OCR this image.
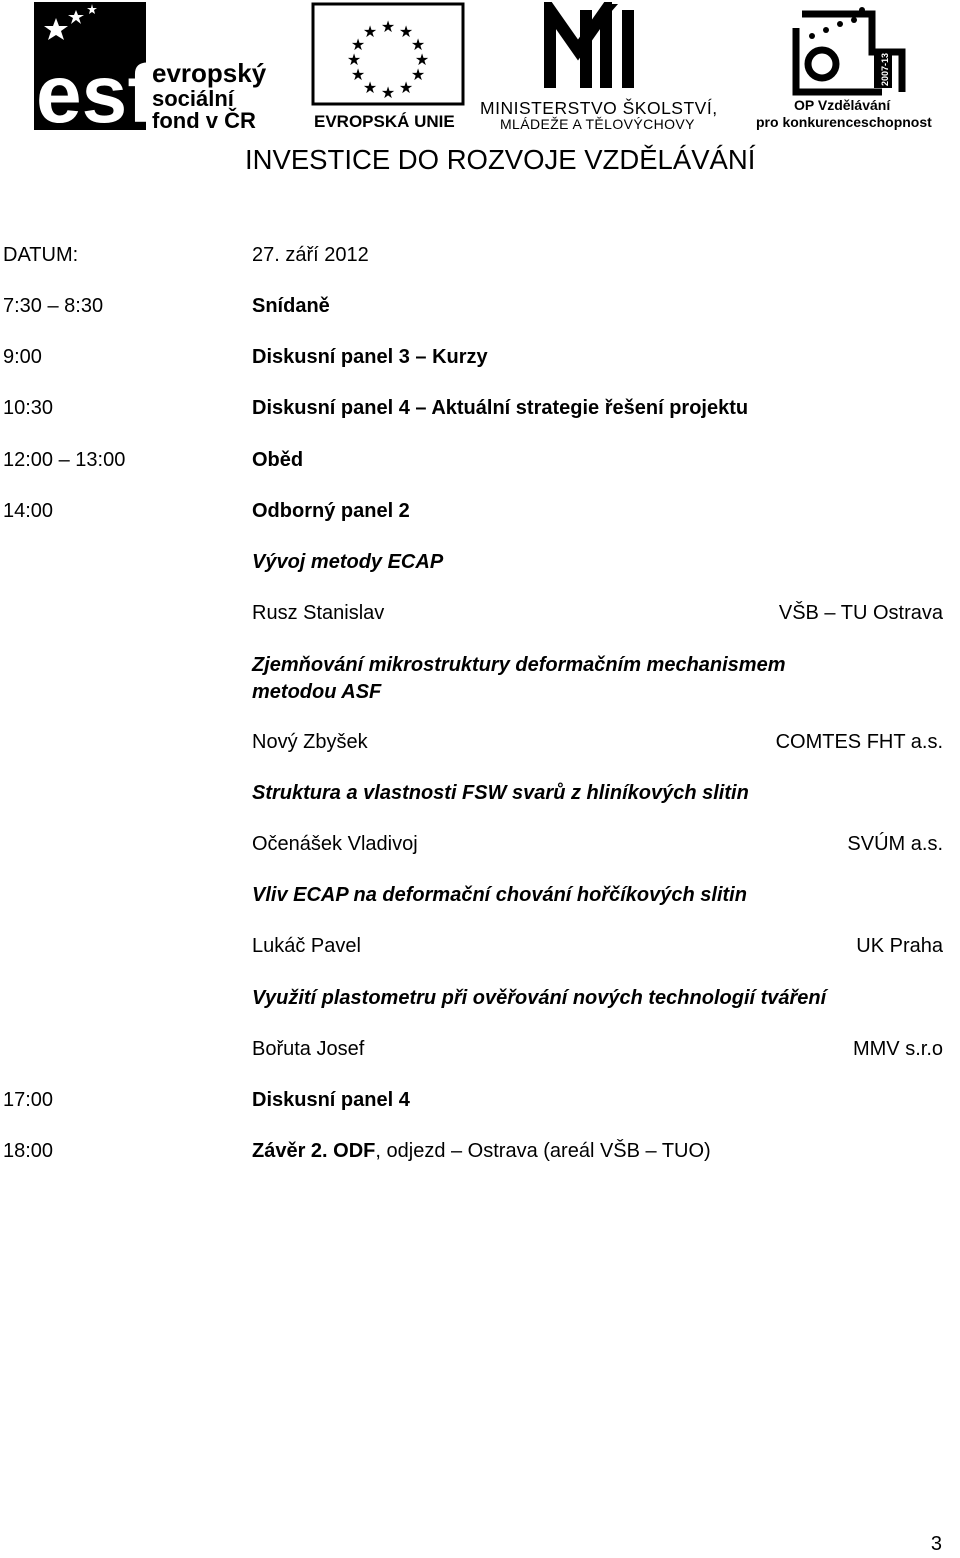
esf
evropský
sociální
fond v ČR
★ ★
★
★
★
★
★
★
★
★
★
★
EVROPSKÁ UNIE
MINISTERSTVO ŠKOLSTVÍ,
MLÁDEŽE A TĚLOVÝCHOVY
2007-13
OP Vzdělávání
pro konkurenceschopnost
INVESTICE DO ROZVOJE VZDĚLÁVÁNÍ
DATUM:	27. září 2012
7:30 – 8:30	Snídaně
9:00	Diskusní panel 3 – Kurzy
10:30	Diskusní panel 4 – Aktuální strategie řešení projektu
12:00 – 13:00	Oběd
14:00	Odborný panel 2
Vývoj metody ECAP
Rusz Stanislav	VŠB – TU Ostrava
Zjemňování mikrostruktury deformačním mechanismem
metodou ASF
Nový Zbyšek	COMTES FHT a.s.
Struktura a vlastnosti FSW svarů z hliníkových slitin
Očenášek Vladivoj	SVÚM a.s.
Vliv ECAP na deformační chování hořčíkových slitin
Lukáč Pavel	UK Praha
Využití plastometru při ověřování nových technologií tváření
Bořuta Josef	MMV s.r.o
17:00	Diskusní panel 4
18:00	Závěr 2. ODF, odjezd – Ostrava (areál VŠB – TUO)
3
